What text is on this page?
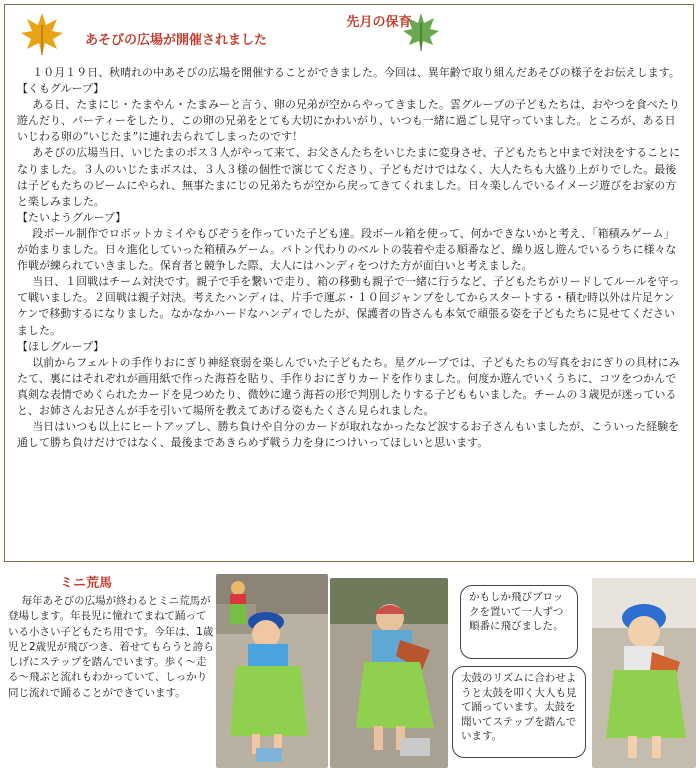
先月の保育
あそびの広場が開催されました

１０月１９日、秋晴れの中あそびの広場を開催することができました。今回は、異年齢で取り組んだあそびの様子をお伝えします。

【くもグループ】

ある日、たまにじ・たまやん・たまみーと言う、卵の兄弟が空からやってきました。雲グループの子どもたちは、おやつを食べたり遊んだり、パーティーをしたり、この卵の兄弟をとても大切にかわいがり、いつも一緒に過ごし見守っていました。ところが、ある日いじわる卵の“いじたま”に連れ去られてしまったのです！

あそびの広場当日、いじたまのボス３人がやって来て、お父さんたちをいじたまに変身させ、子どもたちと中まで対決をすることになりました。３人のいじたまボスは、３人３様の個性で演じてくださり、子どもだけではなく、大人たちも大盛り上がりでした。最後は子どもたちのビームにやられ、無事たまにじの兄弟たちが空から戻ってきてくれました。日々楽しんでいるイメージ遊びをお家の方と楽しみました。

【たいようグループ】

段ボール制作でロボットカミイやもびぞうを作っていた子ども達。段ボール箱を使って、何かできないかと考え、「箱積みゲーム」が始まりました。日々進化していった箱積みゲーム。バトン代わりのベルトの装着や走る順番など、繰り返し遊んでいるうちに様々な作戦が練られていきました。保育者と競争した際、大人にはハンディをつけた方が面白いと考えました。

当日、１回戦はチーム対決です。親子で手を繋いで走り、箱の移動も親子で一緒に行うなど、子どもたちがリードしてルールを守って戦いました。２回戦は親子対決。考えたハンディは、片手で運ぶ・１０回ジャンプをしてからスタートする・積む時以外は片足ケンケンで移動するになりました。なかなかハードなハンディでしたが、保護者の皆さんも本気で頑張る姿を子どもたちに見せてくださいました。

【ほしグループ】

以前からフェルトの手作りおにぎり神経衰弱を楽しんでいた子どもたち。星グループでは、子どもたちの写真をおにぎりの具材にみたて、裏にはそれぞれが画用紙で作った海苔を貼り、手作りおにぎりカードを作りました。何度か遊んでいくうちに、コツをつかんで真剣な表情でめくられたカードを見つめたり、微妙に違う海苔の形で判別したりする子どももいました。チームの３歳児が迷っていると、お姉さんお兄さんが手を引いて場所を教えてあげる姿もたくさん見られました。

当日はいつも以上にヒートアップし、勝ち負けや自分のカードが取れなかったなど涙するお子さんもいましたが、こういった経験を通して勝ち負けだけではなく、最後まであきらめず戦う力を身につけいってほしいと思います。

ミニ荒馬

毎年あそびの広場が終わるとミニ荒馬が登場します。年長児に憧れてまねて踊っている小さい子どもたち用です。今年は、1歳児と2歳児が飛びつき、着せてもらうと誇らしげにステップを踏んでいます。歩く～走る～飛ぶと流れもわかっていて、しっかり同じ流れで踊ることができています。

かもしか飛びブロックを置いて一人ずつ順番に飛びました。
太鼓のリズムに合わせようと太鼓を叩く大人も見て踊っています。太鼓を聞いてステップを踏んでいます。
